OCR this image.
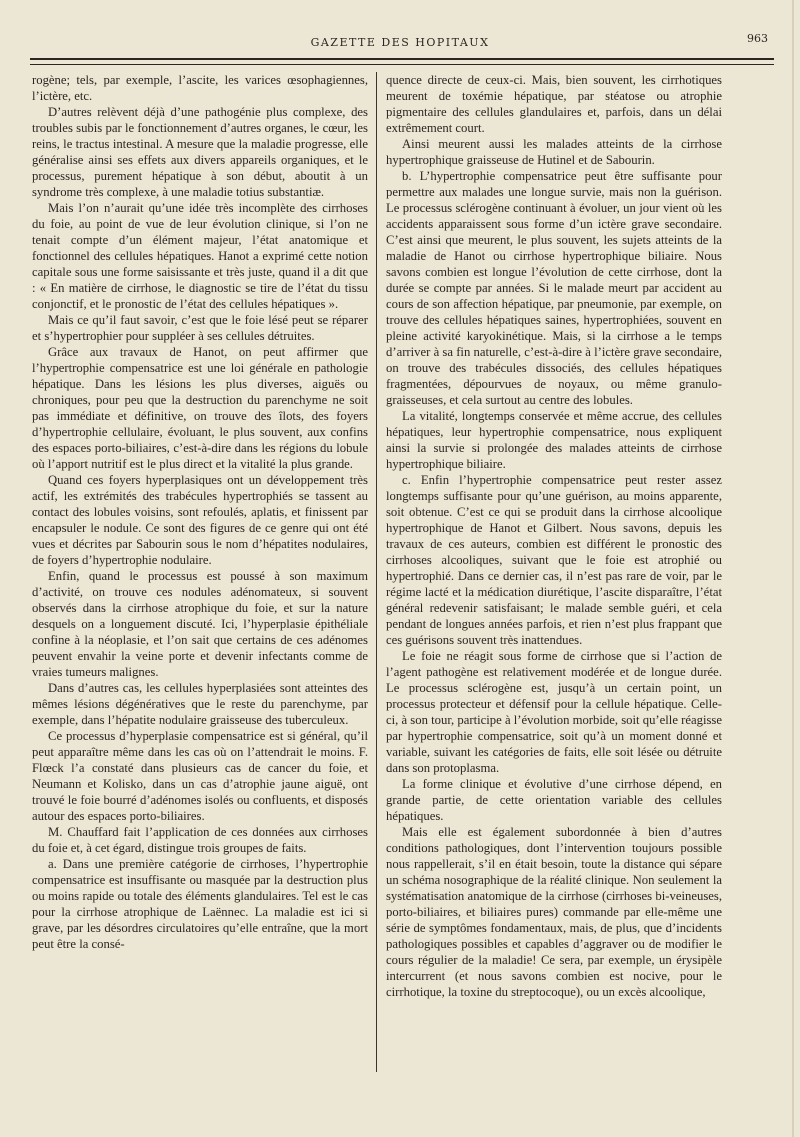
GAZETTE DES HOPITAUX	963

rogène; tels, par exemple, l’ascite, les varices œsophagiennes, l’ictère, etc.

D’autres relèvent déjà d’une pathogénie plus complexe, des troubles subis par le fonctionnement d’autres organes, le cœur, les reins, le tractus intestinal. A mesure que la maladie progresse, elle généralise ainsi ses effets aux divers appareils organiques, et le processus, purement hépatique à son début, aboutit à un syndrome très complexe, à une maladie totius substantiæ.

Mais l’on n’aurait qu’une idée très incomplète des cirrhoses du foie, au point de vue de leur évolution clinique, si l’on ne tenait compte d’un élément majeur, l’état anatomique et fonctionnel des cellules hépatiques. Hanot a exprimé cette notion capitale sous une forme saisissante et très juste, quand il a dit que : « En matière de cirrhose, le diagnostic se tire de l’état du tissu conjonctif, et le pronostic de l’état des cellules hépatiques ».

Mais ce qu’il faut savoir, c’est que le foie lésé peut se réparer et s’hypertrophier pour suppléer à ses cellules détruites.

Grâce aux travaux de Hanot, on peut affirmer que l’hypertrophie compensatrice est une loi générale en pathologie hépatique. Dans les lésions les plus diverses, aiguës ou chroniques, pour peu que la destruction du parenchyme ne soit pas immédiate et définitive, on trouve des îlots, des foyers d’hypertrophie cellulaire, évoluant, le plus souvent, aux confins des espaces porto-biliaires, c’est-à-dire dans les régions du lobule où l’apport nutritif est le plus direct et la vitalité la plus grande.

Quand ces foyers hyperplasiques ont un développement très actif, les extrémités des trabécules hypertrophiés se tassent au contact des lobules voisins, sont refoulés, aplatis, et finissent par encapsuler le nodule. Ce sont des figures de ce genre qui ont été vues et décrites par Sabourin sous le nom d’hépatites nodulaires, de foyers d’hypertrophie nodulaire.

Enfin, quand le processus est poussé à son maximum d’activité, on trouve ces nodules adénomateux, si souvent observés dans la cirrhose atrophique du foie, et sur la nature desquels on a longuement discuté. Ici, l’hyperplasie épithéliale confine à la néoplasie, et l’on sait que certains de ces adénomes peuvent envahir la veine porte et devenir infectants comme de vraies tumeurs malignes.

Dans d’autres cas, les cellules hyperplasiées sont atteintes des mêmes lésions dégénératives que le reste du parenchyme, par exemple, dans l’hépatite nodulaire graisseuse des tuberculeux.

Ce processus d’hyperplasie compensatrice est si général, qu’il peut apparaître même dans les cas où on l’attendrait le moins. F. Flœck l’a constaté dans plusieurs cas de cancer du foie, et Neumann et Kolisko, dans un cas d’atrophie jaune aiguë, ont trouvé le foie bourré d’adénomes isolés ou confluents, et disposés autour des espaces porto-biliaires.

M. Chauffard fait l’application de ces données aux cirrhoses du foie et, à cet égard, distingue trois groupes de faits.

a. Dans une première catégorie de cirrhoses, l’hypertrophie compensatrice est insuffisante ou masquée par la destruction plus ou moins rapide ou totale des éléments glandulaires. Tel est le cas pour la cirrhose atrophique de Laënnec. La maladie est ici si grave, par les désordres circulatoires qu’elle entraîne, que la mort peut être la consé-

quence directe de ceux-ci. Mais, bien souvent, les cirrhotiques meurent de toxémie hépatique, par stéatose ou atrophie pigmentaire des cellules glandulaires et, parfois, dans un délai extrêmement court.

Ainsi meurent aussi les malades atteints de la cirrhose hypertrophique graisseuse de Hutinel et de Sabourin.

b. L’hypertrophie compensatrice peut être suffisante pour permettre aux malades une longue survie, mais non la guérison. Le processus sclérogène continuant à évoluer, un jour vient où les accidents apparaissent sous forme d’un ictère grave secondaire. C’est ainsi que meurent, le plus souvent, les sujets atteints de la maladie de Hanot ou cirrhose hypertrophique biliaire. Nous savons combien est longue l’évolution de cette cirrhose, dont la durée se compte par années. Si le malade meurt par accident au cours de son affection hépatique, par pneumonie, par exemple, on trouve des cellules hépatiques saines, hypertrophiées, souvent en pleine activité karyokinétique. Mais, si la cirrhose a le temps d’arriver à sa fin naturelle, c’est-à-dire à l’ictère grave secondaire, on trouve des trabécules dissociés, des cellules hépatiques fragmentées, dépourvues de noyaux, ou même granulo-graisseuses, et cela surtout au centre des lobules.

La vitalité, longtemps conservée et même accrue, des cellules hépatiques, leur hypertrophie compensatrice, nous expliquent ainsi la survie si prolongée des malades atteints de cirrhose hypertrophique biliaire.

c. Enfin l’hypertrophie compensatrice peut rester assez longtemps suffisante pour qu’une guérison, au moins apparente, soit obtenue. C’est ce qui se produit dans la cirrhose alcoolique hypertrophique de Hanot et Gilbert. Nous savons, depuis les travaux de ces auteurs, combien est différent le pronostic des cirrhoses alcooliques, suivant que le foie est atrophié ou hypertrophié. Dans ce dernier cas, il n’est pas rare de voir, par le régime lacté et la médication diurétique, l’ascite disparaître, l’état général redevenir satisfaisant; le malade semble guéri, et cela pendant de longues années parfois, et rien n’est plus frappant que ces guérisons souvent très inattendues.

Le foie ne réagit sous forme de cirrhose que si l’action de l’agent pathogène est relativement modérée et de longue durée. Le processus sclérogène est, jusqu’à un certain point, un processus protecteur et défensif pour la cellule hépatique. Celle-ci, à son tour, participe à l’évolution morbide, soit qu’elle réagisse par hypertrophie compensatrice, soit qu’à un moment donné et variable, suivant les catégories de faits, elle soit lésée ou détruite dans son protoplasma.

La forme clinique et évolutive d’une cirrhose dépend, en grande partie, de cette orientation variable des cellules hépatiques.

Mais elle est également subordonnée à bien d’autres conditions pathologiques, dont l’intervention toujours possible nous rappellerait, s’il en était besoin, toute la distance qui sépare un schéma nosographique de la réalité clinique. Non seulement la systématisation anatomique de la cirrhose (cirrhoses bi-veineuses, porto-biliaires, et biliaires pures) commande par elle-même une série de symptômes fondamentaux, mais, de plus, que d’incidents pathologiques possibles et capables d’aggraver ou de modifier le cours régulier de la maladie! Ce sera, par exemple, un érysipèle intercurrent (et nous savons combien est nocive, pour le cirrhotique, la toxine du streptocoque), ou un excès alcoolique,
